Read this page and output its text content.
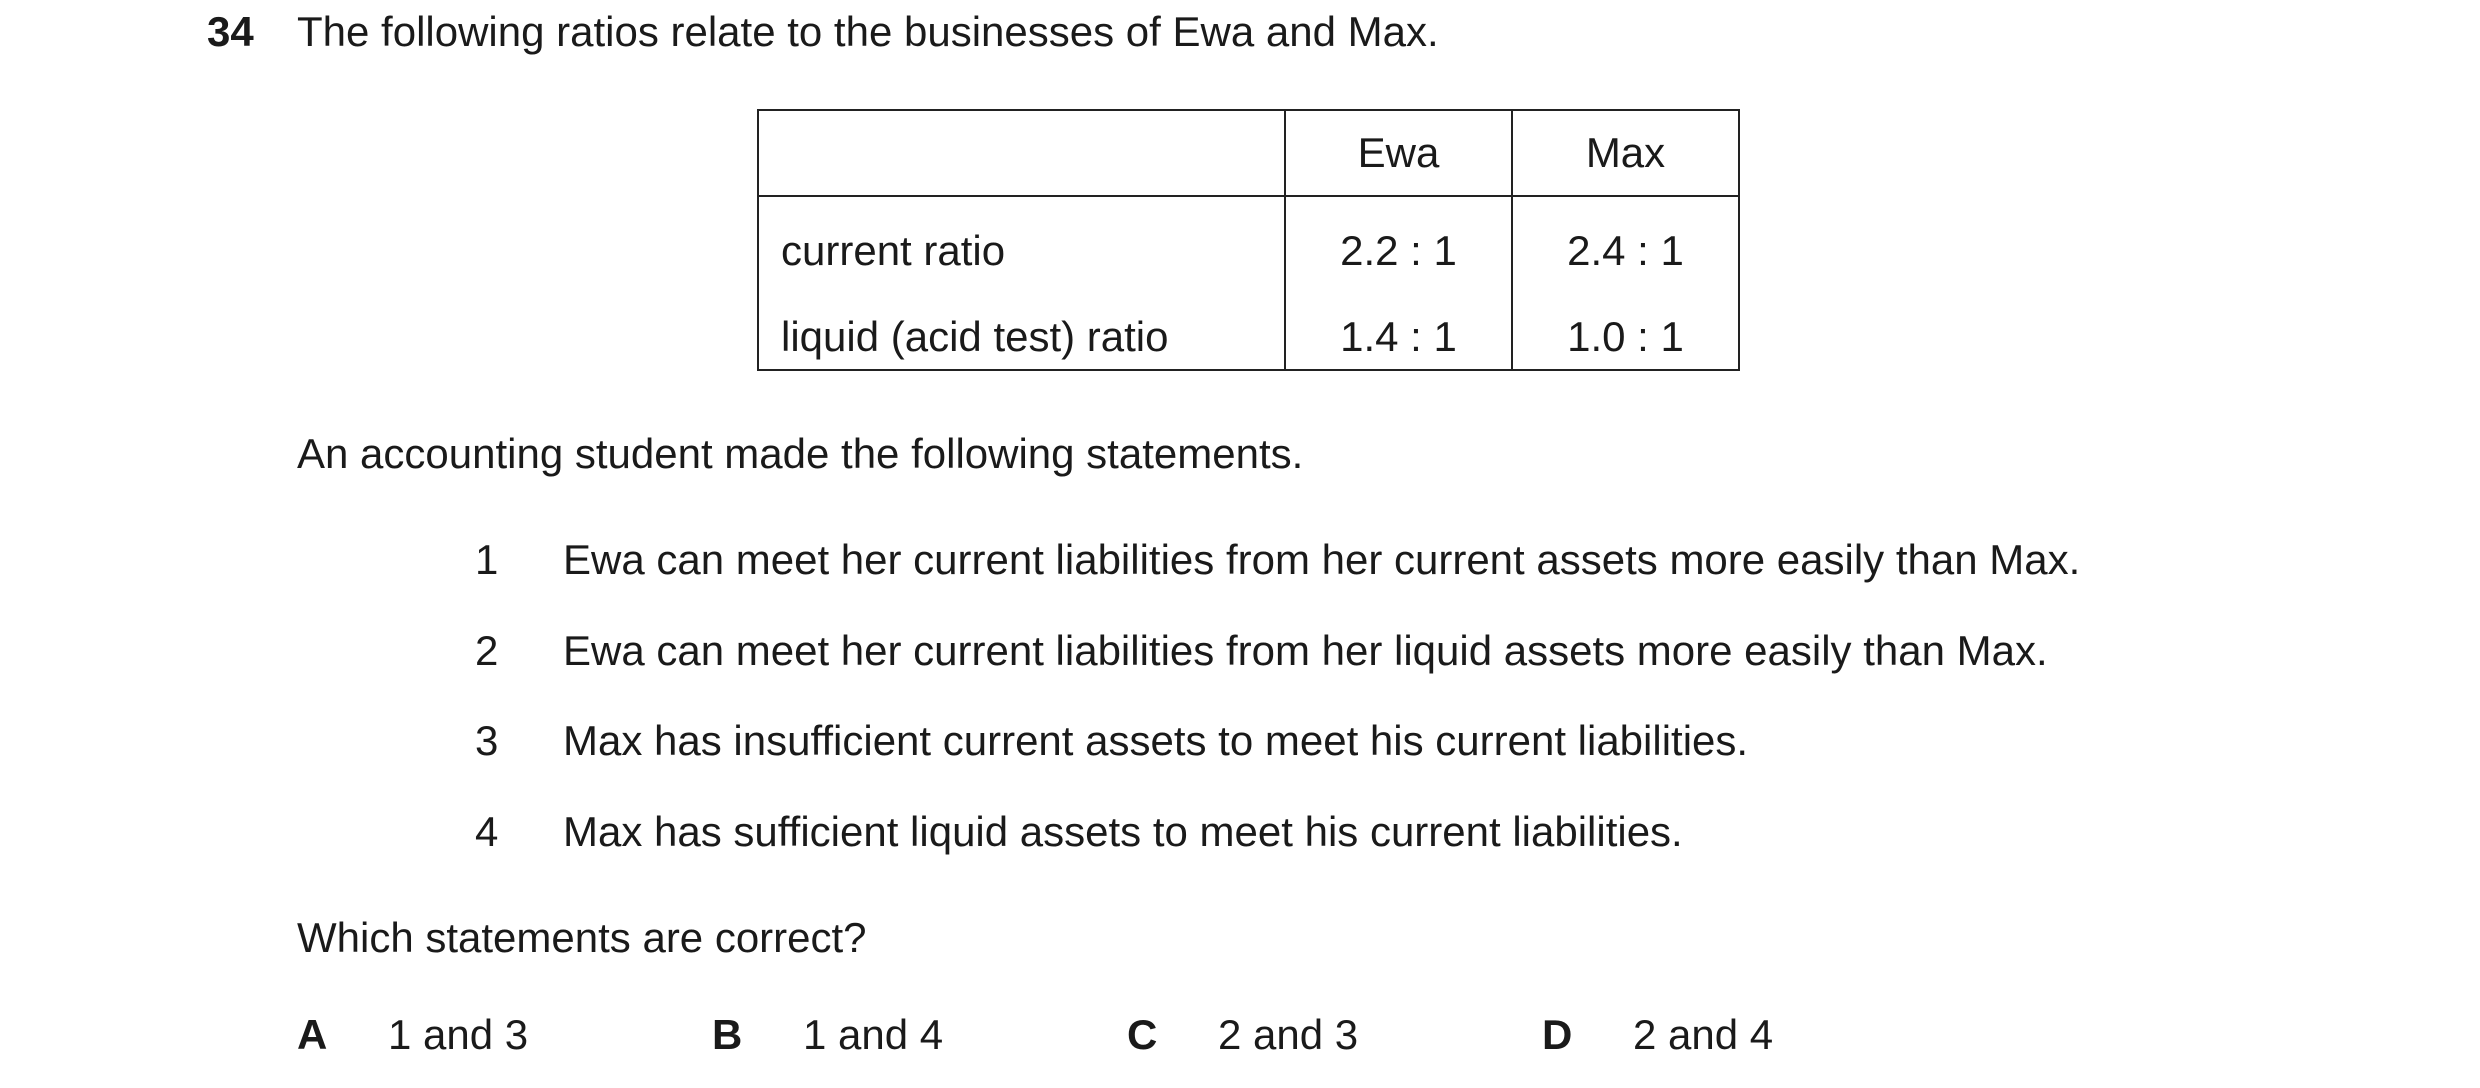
34 The following ratios relate to the businesses of Ewa and Max.
	Ewa	Max
current ratio	2.2 : 1	2.4 : 1
liquid (acid test) ratio	1.4 : 1	1.0 : 1
An accounting student made the following statements.
1 Ewa can meet her current liabilities from her current assets more easily than Max.
2 Ewa can meet her current liabilities from her liquid assets more easily than Max.
3 Max has insufficient current assets to meet his current liabilities.
4 Max has sufficient liquid assets to meet his current liabilities.
Which statements are correct?
A 1 and 3	B 1 and 4	C 2 and 3	D 2 and 4
